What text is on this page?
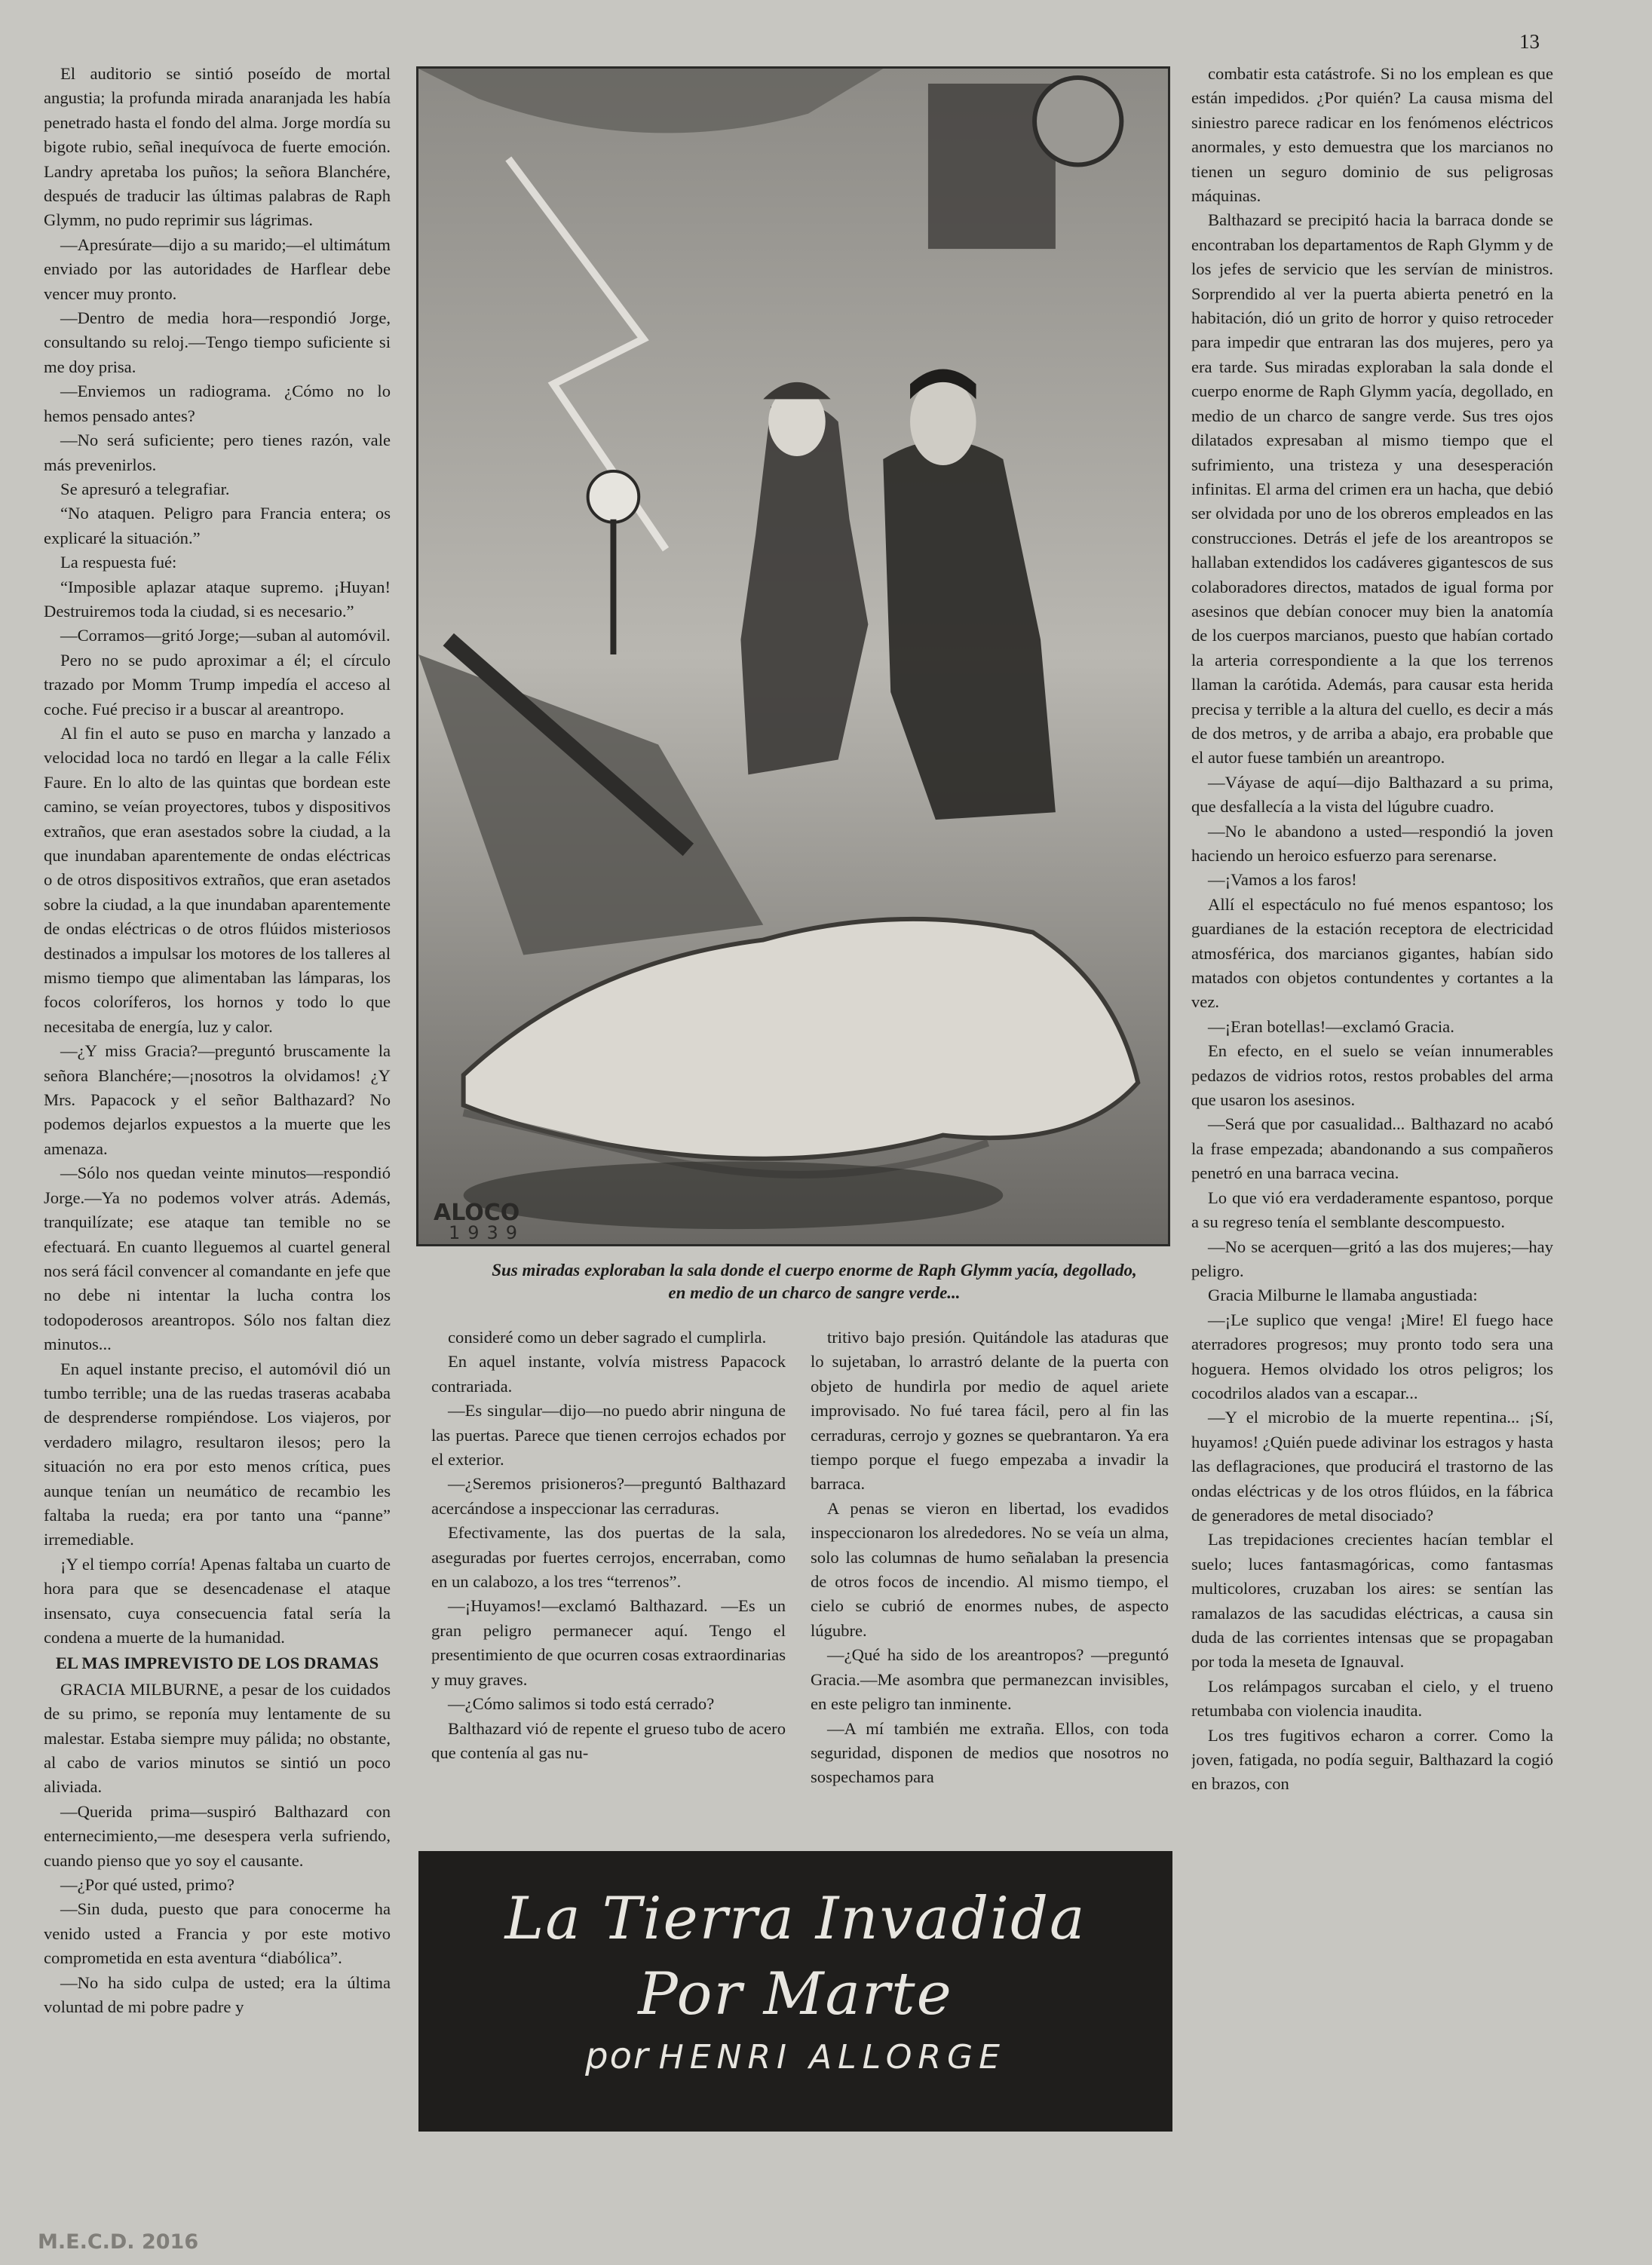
13

El auditorio se sintió poseído de mortal angustia; la profunda mirada anaranjada les había penetrado hasta el fondo del alma. Jorge mordía su bigote rubio, señal inequívoca de fuerte emoción. Landry apretaba los puños; la señora Blanchére, después de traducir las últimas palabras de Raph Glymm, no pudo reprimir sus lágrimas.

—Apresúrate—dijo a su marido;—el ultimátum enviado por las autoridades de Harflear debe vencer muy pronto.

—Dentro de media hora—respondió Jorge, consultando su reloj.—Tengo tiempo suficiente si me doy prisa.

—Enviemos un radiograma. ¿Cómo no lo hemos pensado antes?

—No será suficiente; pero tienes razón, vale más prevenirlos.

Se apresuró a telegrafiar.

“No ataquen. Peligro para Francia entera; os explicaré la situación.”

La respuesta fué:

“Imposible aplazar ataque supremo. ¡Huyan! Destruiremos toda la ciudad, si es necesario.”

—Corramos—gritó Jorge;—suban al automóvil.

Pero no se pudo aproximar a él; el círculo trazado por Momm Trump impedía el acceso al coche. Fué preciso ir a buscar al areantropo.

Al fin el auto se puso en marcha y lanzado a velocidad loca no tardó en llegar a la calle Félix Faure. En lo alto de las quintas que bordean este camino, se veían proyectores, tubos y dispositivos extraños, que eran asestados sobre la ciudad, a la que inundaban aparentemente de ondas eléctricas o de otros dispositivos extraños, que eran asetados sobre la ciudad, a la que inundaban aparentemente de ondas eléctricas o de otros flúidos misteriosos destinados a impulsar los motores de los talleres al mismo tiempo que alimentaban las lámparas, los focos coloríferos, los hornos y todo lo que necesitaba de energía, luz y calor.

—¿Y miss Gracia?—preguntó bruscamente la señora Blanchére;—¡nosotros la olvidamos! ¿Y Mrs. Papacock y el señor Balthazard? No podemos dejarlos expuestos a la muerte que les amenaza.

—Sólo nos quedan veinte minutos—respondió Jorge.—Ya no podemos volver atrás. Además, tranquilízate; ese ataque tan temible no se efectuará. En cuanto lleguemos al cuartel general nos será fácil convencer al comandante en jefe que no debe ni intentar la lucha contra los todopoderosos areantropos. Sólo nos faltan diez minutos...

En aquel instante preciso, el automóvil dió un tumbo terrible; una de las ruedas traseras acababa de desprenderse rompiéndose. Los viajeros, por verdadero milagro, resultaron ilesos; pero la situación no era por esto menos crítica, pues aunque tenían un neumático de recambio les faltaba la rueda; era por tanto una “panne” irremediable.

¡Y el tiempo corría! Apenas faltaba un cuarto de hora para que se desencadenase el ataque insensato, cuya consecuencia fatal sería la condena a muerte de la humanidad.

EL MAS IMPREVISTO DE LOS DRAMAS

GRACIA MILBURNE, a pesar de los cuidados de su primo, se reponía muy lentamente de su malestar. Estaba siempre muy pálida; no obstante, al cabo de varios minutos se sintió un poco aliviada.

—Querida prima—suspiró Balthazard con enternecimiento,—me desespera verla sufriendo, cuando pienso que yo soy el causante.

—¿Por qué usted, primo?

—Sin duda, puesto que para conocerme ha venido usted a Francia y por este motivo comprometida en esta aventura “diabólica”.

—No ha sido culpa de usted; era la última voluntad de mi pobre padre y

ALOCO
1939
Sus miradas exploraban la sala donde el cuerpo enorme de Raph Glymm yacía, degollado, en medio de un charco de sangre verde...

consideré como un deber sagrado el cumplirla.

En aquel instante, volvía mistress Papacock contrariada.

—Es singular—dijo—no puedo abrir ninguna de las puertas. Parece que tienen cerrojos echados por el exterior.

—¿Seremos prisioneros?—preguntó Balthazard acercándose a inspeccionar las cerraduras.

Efectivamente, las dos puertas de la sala, aseguradas por fuertes cerrojos, encerraban, como en un calabozo, a los tres “terrenos”.

—¡Huyamos!—exclamó Balthazard. —Es un gran peligro permanecer aquí. Tengo el presentimiento de que ocurren cosas extraordinarias y muy graves.

—¿Cómo salimos si todo está cerrado?

Balthazard vió de repente el grueso tubo de acero que contenía al gas nu-

tritivo bajo presión. Quitándole las ataduras que lo sujetaban, lo arrastró delante de la puerta con objeto de hundirla por medio de aquel ariete improvisado. No fué tarea fácil, pero al fin las cerraduras, cerrojo y goznes se quebrantaron. Ya era tiempo porque el fuego empezaba a invadir la barraca.

A penas se vieron en libertad, los evadidos inspeccionaron los alrededores. No se veía un alma, solo las columnas de humo señalaban la presencia de otros focos de incendio. Al mismo tiempo, el cielo se cubrió de enormes nubes, de aspecto lúgubre.

—¿Qué ha sido de los areantropos? —preguntó Gracia.—Me asombra que permanezcan invisibles, en este peligro tan inminente.

—A mí también me extraña. Ellos, con toda seguridad, disponen de medios que nosotros no sospechamos para

combatir esta catástrofe. Si no los emplean es que están impedidos. ¿Por quién? La causa misma del siniestro parece radicar en los fenómenos eléctricos anormales, y esto demuestra que los marcianos no tienen un seguro dominio de sus peligrosas máquinas.

Balthazard se precipitó hacia la barraca donde se encontraban los departamentos de Raph Glymm y de los jefes de servicio que les servían de ministros. Sorprendido al ver la puerta abierta penetró en la habitación, dió un grito de horror y quiso retroceder para impedir que entraran las dos mujeres, pero ya era tarde. Sus miradas exploraban la sala donde el cuerpo enorme de Raph Glymm yacía, degollado, en medio de un charco de sangre verde. Sus tres ojos dilatados expresaban al mismo tiempo que el sufrimiento, una tristeza y una desesperación infinitas. El arma del crimen era un hacha, que debió ser olvidada por uno de los obreros empleados en las construcciones. Detrás el jefe de los areantropos se hallaban extendidos los cadáveres gigantescos de sus colaboradores directos, matados de igual forma por asesinos que debían conocer muy bien la anatomía de los cuerpos marcianos, puesto que habían cortado la arteria correspondiente a la que los terrenos llaman la carótida. Además, para causar esta herida precisa y terrible a la altura del cuello, es decir a más de dos metros, y de arriba a abajo, era probable que el autor fuese también un areantropo.

—Váyase de aquí—dijo Balthazard a su prima, que desfallecía a la vista del lúgubre cuadro.

—No le abandono a usted—respondió la joven haciendo un heroico esfuerzo para serenarse.

—¡Vamos a los faros!

Allí el espectáculo no fué menos espantoso; los guardianes de la estación receptora de electricidad atmosférica, dos marcianos gigantes, habían sido matados con objetos contundentes y cortantes a la vez.

—¡Eran botellas!—exclamó Gracia.

En efecto, en el suelo se veían innumerables pedazos de vidrios rotos, restos probables del arma que usaron los asesinos.

—Será que por casualidad... Balthazard no acabó la frase empezada; abandonando a sus compañeros penetró en una barraca vecina.

Lo que vió era verdaderamente espantoso, porque a su regreso tenía el semblante descompuesto.

—No se acerquen—gritó a las dos mujeres;—hay peligro.

Gracia Milburne le llamaba angustiada:

—¡Le suplico que venga! ¡Mire! El fuego hace aterradores progresos; muy pronto todo sera una hoguera. Hemos olvidado los otros peligros; los cocodrilos alados van a escapar...

—Y el microbio de la muerte repentina... ¡Sí, huyamos! ¿Quién puede adivinar los estragos y hasta las deflagraciones, que producirá el trastorno de las ondas eléctricas y de los otros flúidos, en la fábrica de generadores de metal disociado?

Las trepidaciones crecientes hacían temblar el suelo; luces fantasmagóricas, como fantasmas multicolores, cruzaban los aires: se sentían las ramalazos de las sacudidas eléctricas, a causa sin duda de las corrientes intensas que se propagaban por toda la meseta de Ignauval.

Los relámpagos surcaban el cielo, y el trueno retumbaba con violencia inaudita.

Los tres fugitivos echaron a correr. Como la joven, fatigada, no podía seguir, Balthazard la cogió en brazos, con

La Tierra Invadida
Por Marte
por HENRI ALLORGE
M.E.C.D. 2016
